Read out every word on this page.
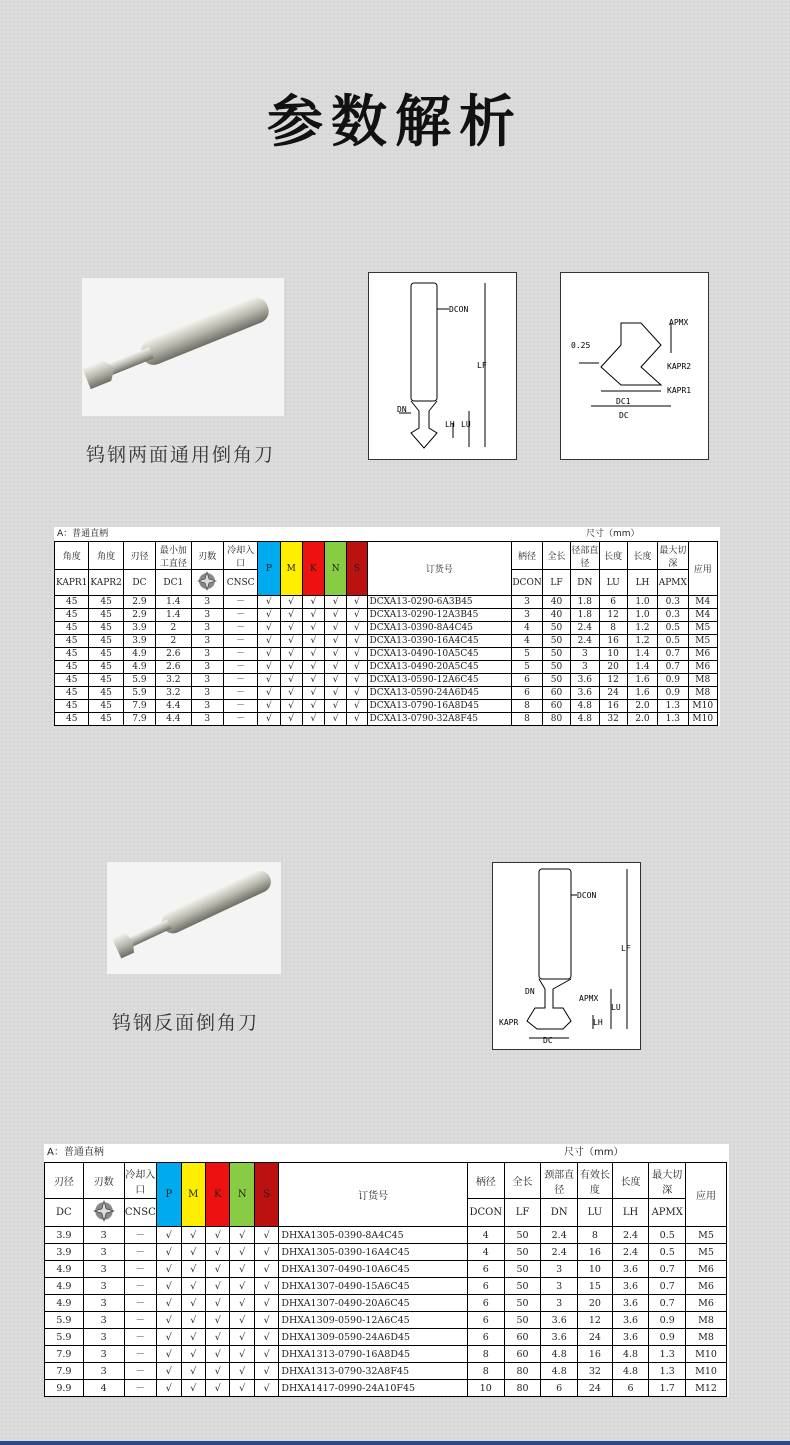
参数解析
钨钢两面通用倒角刀
DCON
LF
DN
LH LU
APMX
0.25
KAPR2
KAPR1
DC1
DC
A：普通直柄	尺寸（mm）
角度	角度	刃径	最小加工直径	刃数	冷却入口	P	M	K	N	S	订货号	柄径	全长	径部直径	长度	长度	最大切深	应用
KAPR1	KAPR2	DC	DC1		CNSC							DCON	LF	DN	LU	LH	APMX	
45	45	2.9	1.4	3	－	√	√	√	√	√	DCXA13-0290-6A3B45	3	40	1.8	6	1.0	0.3	M4
45	45	2.9	1.4	3	－	√	√	√	√	√	DCXA13-0290-12A3B45	3	40	1.8	12	1.0	0.3	M4
45	45	3.9	2	3	－	√	√	√	√	√	DCXA13-0390-8A4C45	4	50	2.4	8	1.2	0.5	M5
45	45	3.9	2	3	－	√	√	√	√	√	DCXA13-0390-16A4C45	4	50	2.4	16	1.2	0.5	M5
45	45	4.9	2.6	3	－	√	√	√	√	√	DCXA13-0490-10A5C45	5	50	3	10	1.4	0.7	M6
45	45	4.9	2.6	3	－	√	√	√	√	√	DCXA13-0490-20A5C45	5	50	3	20	1.4	0.7	M6
45	45	5.9	3.2	3	－	√	√	√	√	√	DCXA13-0590-12A6C45	6	50	3.6	12	1.6	0.9	M8
45	45	5.9	3.2	3	－	√	√	√	√	√	DCXA13-0590-24A6D45	6	60	3.6	24	1.6	0.9	M8
45	45	7.9	4.4	3	－	√	√	√	√	√	DCXA13-0790-16A8D45	8	60	4.8	16	2.0	1.3	M10
45	45	7.9	4.4	3	－	√	√	√	√	√	DCXA13-0790-32A8F45	8	80	4.8	32	2.0	1.3	M10
钨钢反面倒角刀
DCON
LF
DN
APMX
LU
LH
KAPR
DC
A：普通直柄	尺寸（mm）
刃径	刃数	冷却入口	P	M	K	N	S	订货号	柄径	全长	颈部直径	有效长度	长度	最大切深	应用
DC		CNSC							DCON	LF	DN	LU	LH	APMX	
3.9	3	－	√	√	√	√	√	DHXA1305-0390-8A4C45	4	50	2.4	8	2.4	0.5	M5
3.9	3	－	√	√	√	√	√	DHXA1305-0390-16A4C45	4	50	2.4	16	2.4	0.5	M5
4.9	3	－	√	√	√	√	√	DHXA1307-0490-10A6C45	6	50	3	10	3.6	0.7	M6
4.9	3	－	√	√	√	√	√	DHXA1307-0490-15A6C45	6	50	3	15	3.6	0.7	M6
4.9	3	－	√	√	√	√	√	DHXA1307-0490-20A6C45	6	50	3	20	3.6	0.7	M6
5.9	3	－	√	√	√	√	√	DHXA1309-0590-12A6C45	6	50	3.6	12	3.6	0.9	M8
5.9	3	－	√	√	√	√	√	DHXA1309-0590-24A6D45	6	60	3.6	24	3.6	0.9	M8
7.9	3	－	√	√	√	√	√	DHXA1313-0790-16A8D45	8	60	4.8	16	4.8	1.3	M10
7.9	3	－	√	√	√	√	√	DHXA1313-0790-32A8F45	8	80	4.8	32	4.8	1.3	M10
9.9	4	－	√	√	√	√	√	DHXA1417-0990-24A10F45	10	80	6	24	6	1.7	M12
